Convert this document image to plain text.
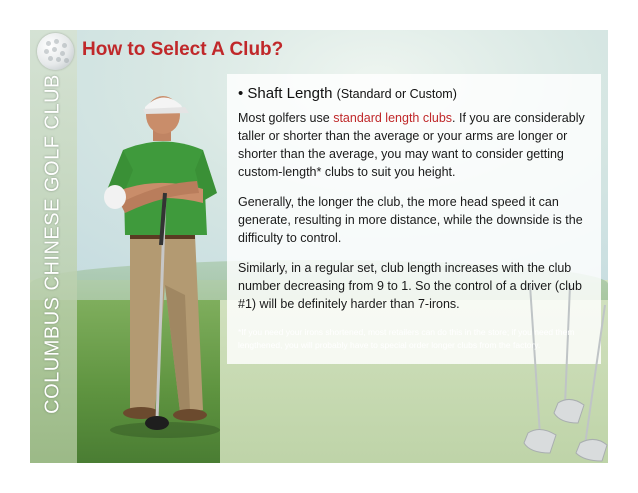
COLUMBUS CHINESE GOLF CLUB
How to Select A Club?
• Shaft Length (Standard or Custom)

Most golfers use standard length clubs. If you are considerably taller or shorter than the average or your arms are longer or shorter than the average, you may want to consider getting custom-length* clubs to suit you height.

Generally, the longer the club, the more head speed it can generate, resulting in more distance, while the downside is the difficulty to control.

Similarly, in a regular set, club length increases with the club number decreasing from 9 to 1. So the control of a driver (club #1) will be definitely harder than 7-irons.

*If you need your irons shortened, most retailers can do this in the store; if you need them lengthened, you will probably have to special order longer clubs from the factory.
